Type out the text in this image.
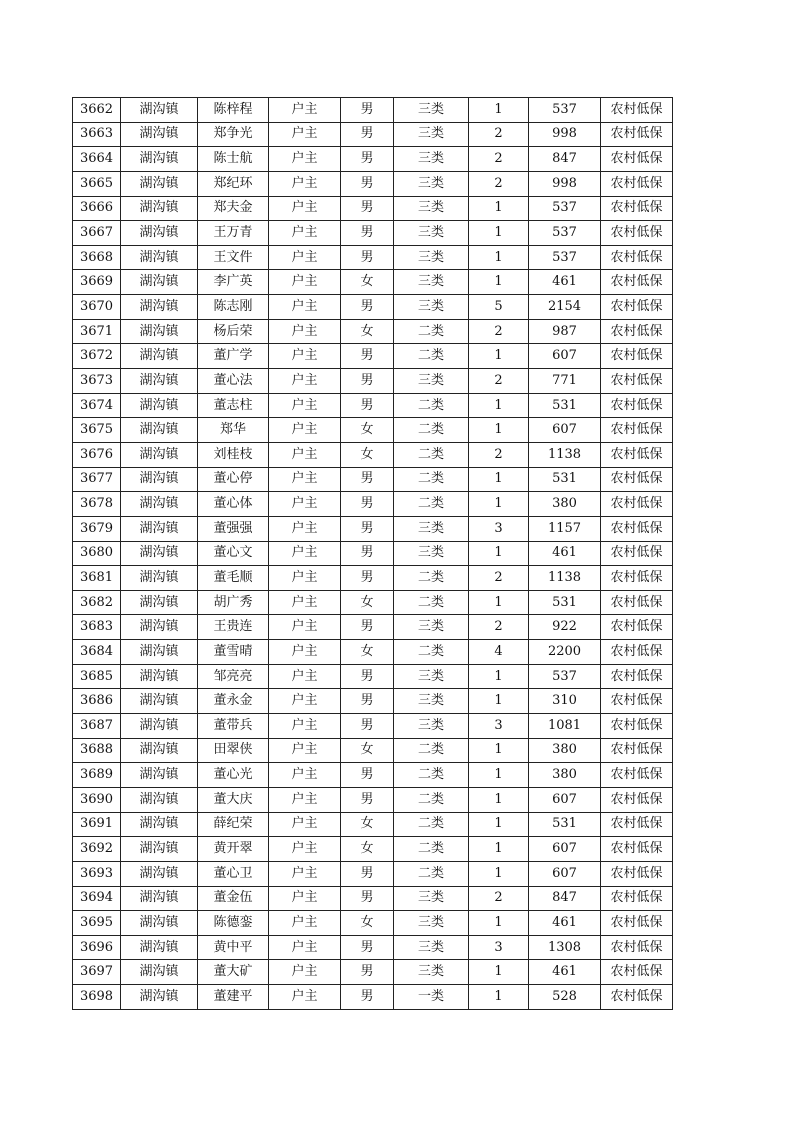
3662	湖沟镇	陈梓程	户主	男	三类	1	537	农村低保
3663	湖沟镇	郑争光	户主	男	三类	2	998	农村低保
3664	湖沟镇	陈士航	户主	男	三类	2	847	农村低保
3665	湖沟镇	郑纪环	户主	男	三类	2	998	农村低保
3666	湖沟镇	郑夫金	户主	男	三类	1	537	农村低保
3667	湖沟镇	王万青	户主	男	三类	1	537	农村低保
3668	湖沟镇	王文件	户主	男	三类	1	537	农村低保
3669	湖沟镇	李广英	户主	女	三类	1	461	农村低保
3670	湖沟镇	陈志刚	户主	男	三类	5	2154	农村低保
3671	湖沟镇	杨后荣	户主	女	二类	2	987	农村低保
3672	湖沟镇	董广学	户主	男	二类	1	607	农村低保
3673	湖沟镇	董心法	户主	男	三类	2	771	农村低保
3674	湖沟镇	董志柱	户主	男	二类	1	531	农村低保
3675	湖沟镇	郑华	户主	女	二类	1	607	农村低保
3676	湖沟镇	刘桂枝	户主	女	二类	2	1138	农村低保
3677	湖沟镇	董心停	户主	男	二类	1	531	农村低保
3678	湖沟镇	董心体	户主	男	二类	1	380	农村低保
3679	湖沟镇	董强强	户主	男	三类	3	1157	农村低保
3680	湖沟镇	董心文	户主	男	三类	1	461	农村低保
3681	湖沟镇	董毛顺	户主	男	二类	2	1138	农村低保
3682	湖沟镇	胡广秀	户主	女	二类	1	531	农村低保
3683	湖沟镇	王贵连	户主	男	三类	2	922	农村低保
3684	湖沟镇	董雪晴	户主	女	二类	4	2200	农村低保
3685	湖沟镇	邹亮亮	户主	男	三类	1	537	农村低保
3686	湖沟镇	董永金	户主	男	三类	1	310	农村低保
3687	湖沟镇	董带兵	户主	男	三类	3	1081	农村低保
3688	湖沟镇	田翠侠	户主	女	二类	1	380	农村低保
3689	湖沟镇	董心光	户主	男	二类	1	380	农村低保
3690	湖沟镇	董大庆	户主	男	二类	1	607	农村低保
3691	湖沟镇	薛纪荣	户主	女	二类	1	531	农村低保
3692	湖沟镇	黄开翠	户主	女	二类	1	607	农村低保
3693	湖沟镇	董心卫	户主	男	二类	1	607	农村低保
3694	湖沟镇	董金伍	户主	男	三类	2	847	农村低保
3695	湖沟镇	陈德銮	户主	女	三类	1	461	农村低保
3696	湖沟镇	黄中平	户主	男	三类	3	1308	农村低保
3697	湖沟镇	董大矿	户主	男	三类	1	461	农村低保
3698	湖沟镇	董建平	户主	男	一类	1	528	农村低保
